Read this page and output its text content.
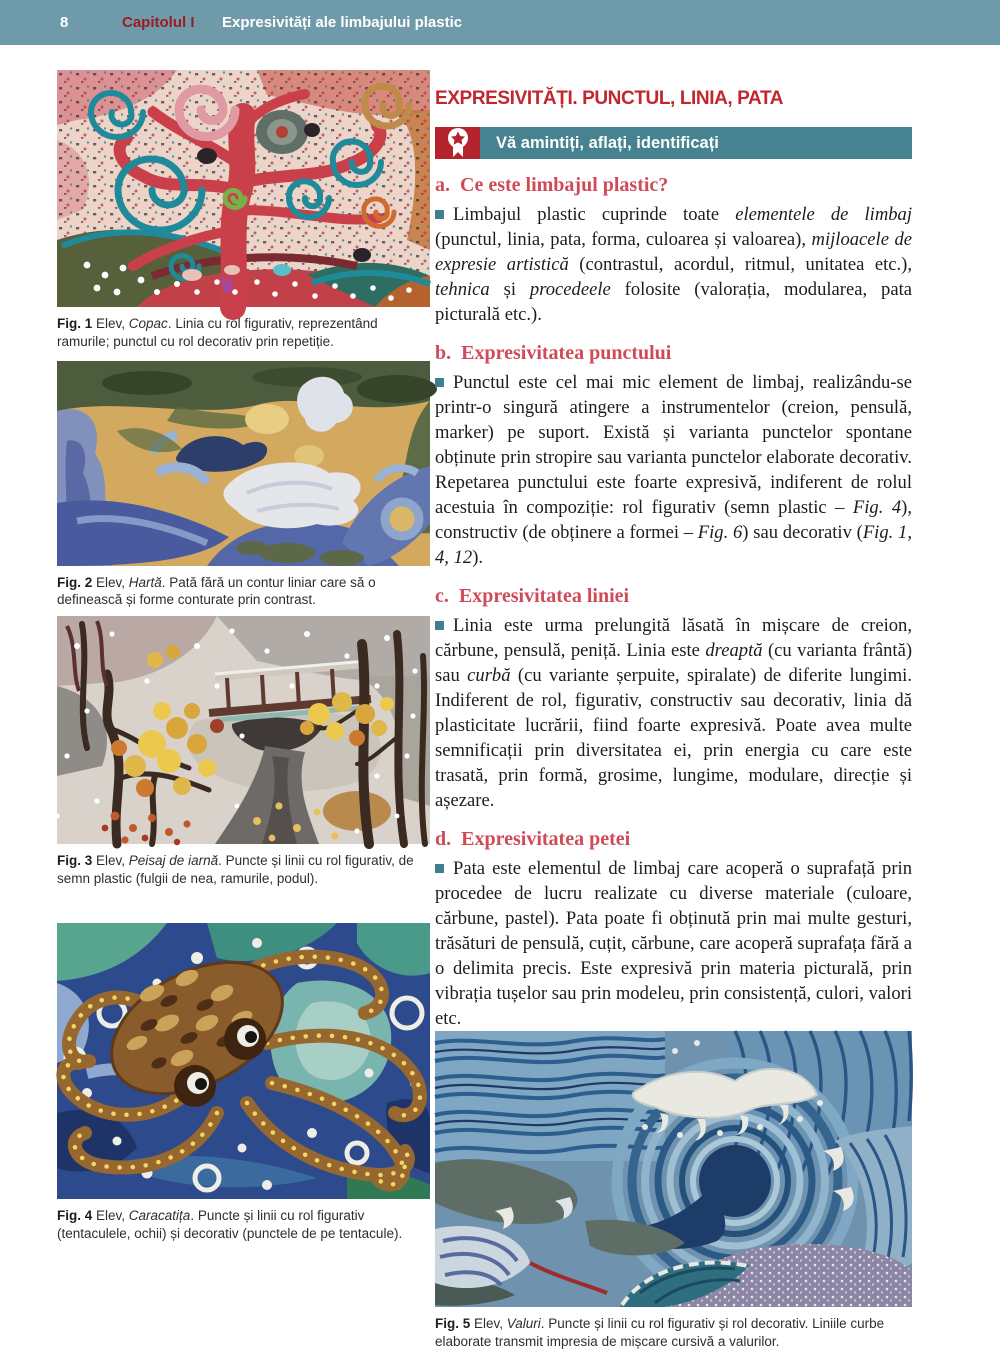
8	Capitolul I	Expresivități ale limbajului plastic
Fig. 1 Elev, Copac. Linia cu rol figurativ, reprezentând ramurile; punctul cu rol decorativ prin repetiție.
Fig. 2 Elev, Hartă. Pată fără un contur liniar care să o definească și forme conturate prin contrast.
Fig. 3 Elev, Peisaj de iarnă. Puncte și linii cu rol figurativ, de semn plastic (fulgii de nea, ramurile, podul).
Fig. 4 Elev, Caracatița. Puncte și linii cu rol figurativ (tentaculele, ochii) și decorativ (punctele de pe tentacule).
EXPRESIVITĂȚI. PUNCTUL, LINIA, PATA
Vă amintiți, aflați, identificați
a. Ce este limbajul plastic?

Limbajul plastic cuprinde toate elementele de limbaj (punctul, linia, pata, forma, culoarea și valoarea), mijloacele de expresie artistică (contrastul, acordul, ritmul, unitatea etc.), tehnica și procedeele folosite (valorația, modularea, pata picturală etc.).

b. Expresivitatea punctului

Punctul este cel mai mic element de limbaj, realizându-se printr-o singură atingere a instrumentelor (creion, pensulă, marker) pe suport. Există și varianta punctelor spontane obținute prin stropire sau varianta punctelor elaborate decorativ. Repetarea punctului este foarte expresivă, indiferent de rolul acestuia în compoziție: rol figurativ (semn plastic – Fig. 4), constructiv (de obținere a formei – Fig. 6) sau decorativ (Fig. 1, 4, 12).

c. Expresivitatea liniei

Linia este urma prelungită lăsată în mișcare de creion, cărbune, pensulă, peniță. Linia este dreaptă (cu varianta frântă) sau curbă (cu variante șerpuite, spiralate) de diferite lungimi. Indiferent de rol, figurativ, constructiv sau decorativ, linia dă plasticitate lucrării, fiind foarte expresivă. Poate avea multe semnificații prin diversitatea ei, prin energia cu care este trasată, prin formă, grosime, lungime, modulare, direcție și așezare.

d. Expresivitatea petei

Pata este elementul de limbaj care acoperă o suprafață prin procedee de lucru realizate cu diverse materiale (culoare, cărbune, pastel). Pata poate fi obținută prin mai multe gesturi, trăsături de pensulă, cuțit, cărbune, care acoperă suprafața fără a o delimita precis. Este expresivă prin materia picturală, prin vibrația tușelor sau prin modeleu, prin consistență, culori, valori etc.

Fig. 5 Elev, Valuri. Puncte și linii cu rol figurativ și rol decorativ. Liniile curbe elaborate transmit impresia de mișcare cursivă a valurilor.
